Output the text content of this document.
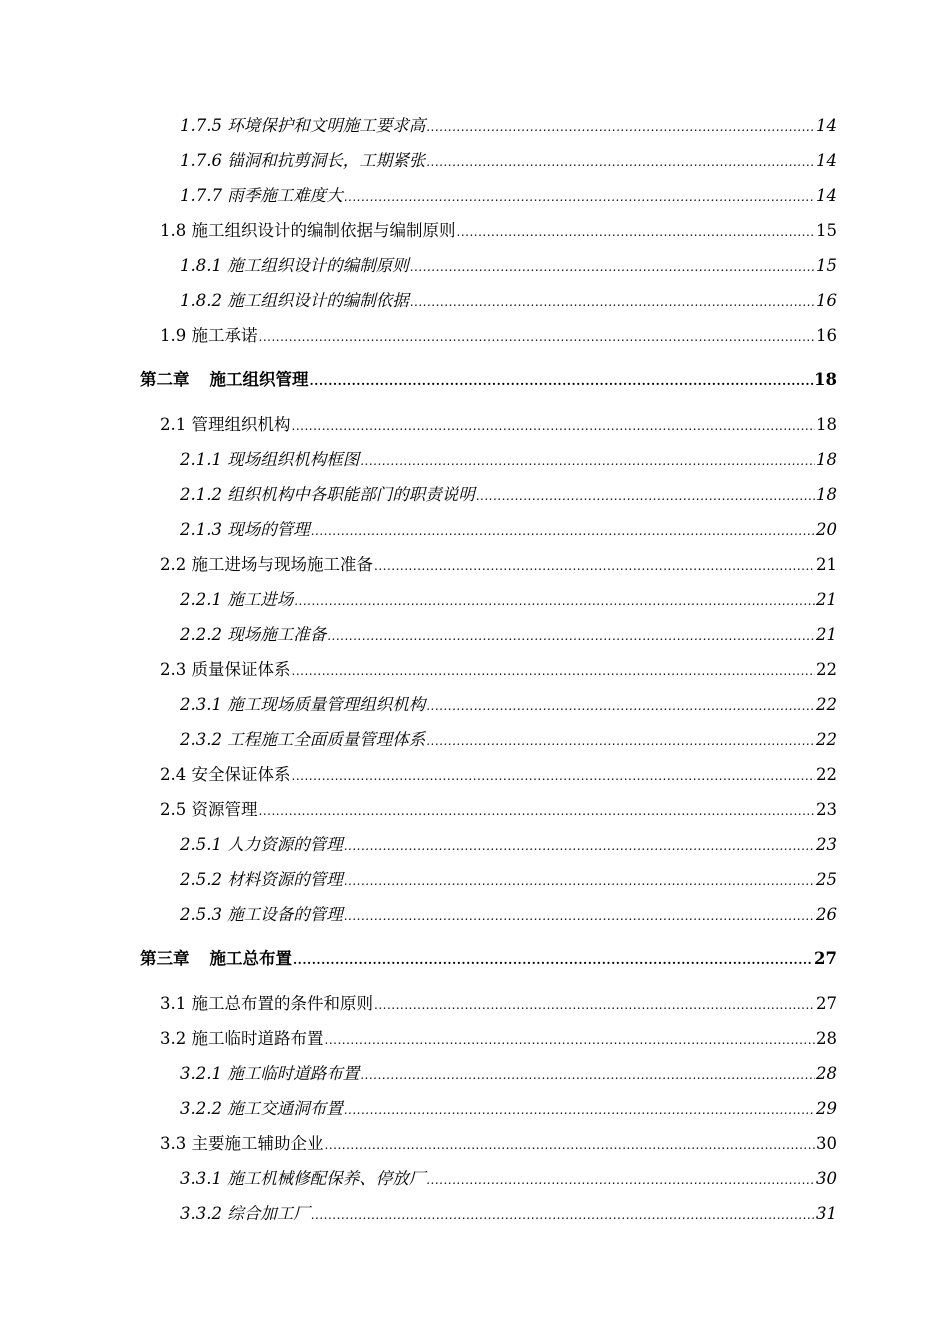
1.7.5 环境保护和文明施工要求高 .....	14
1.7.6 锚洞和抗剪洞长，工期紧张 .....	14
1.7.7 雨季施工难度大 .....	14
1.8 施工组织设计的编制依据与编制原则 .....	15
1.8.1 施工组织设计的编制原则 .....	15
1.8.2 施工组织设计的编制依据 .....	16
1.9 施工承诺 .....	16
第二章 施工组织管理 .....	18
2.1 管理组织机构 .....	18
2.1.1 现场组织机构框图 .....	18
2.1.2 组织机构中各职能部门的职责说明 .....	18
2.1.3 现场的管理 .....	20
2.2 施工进场与现场施工准备 .....	21
2.2.1 施工进场 .....	21
2.2.2 现场施工准备 .....	21
2.3 质量保证体系 .....	22
2.3.1 施工现场质量管理组织机构 .....	22
2.3.2 工程施工全面质量管理体系 .....	22
2.4 安全保证体系 .....	22
2.5 资源管理 .....	23
2.5.1 人力资源的管理 .....	23
2.5.2 材料资源的管理 .....	25
2.5.3 施工设备的管理 .....	26
第三章 施工总布置 .....	27
3.1 施工总布置的条件和原则 .....	27
3.2 施工临时道路布置 .....	28
3.2.1 施工临时道路布置 .....	28
3.2.2 施工交通洞布置 .....	29
3.3 主要施工辅助企业 .....	30
3.3.1 施工机械修配保养、停放厂 .....	30
3.3.2 综合加工厂 .....	31
